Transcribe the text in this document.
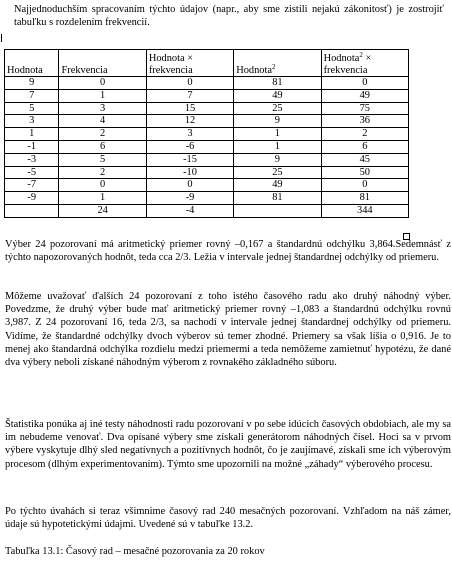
Najjednoduchším spracovaním týchto údajov (napr., aby sme zistili nejakú zákonitosť) je zostrojiť tabuľku s rozdelením frekvencií.
Hodnota	Frekvencia	Hodnota × frekvencia	Hodnota$^2$	Hodnota$^2$ × frekvencia
9	0	0	81	0
7	1	7	49	49
5	3	15	25	75
3	4	12	9	36
1	2	3	1	2
-1	6	-6	1	6
-3	5	-15	9	45
-5	2	-10	25	50
-7	0	0	49	0
-9	1	-9	81	81
	24	-4		344
Výber 24 pozorovaní má aritmetický priemer rovný –0,167 a štandardnú odchýlku 3,864.Sedemnásť z týchto napozorovaných hodnôt, teda cca 2/3. Ležia v intervale jednej štandardnej odchýlky od priemeru.
Môžeme uvažovať ďalších 24 pozorovaní z toho istého časového radu ako druhý náhodný výber. Povedzme, že druhý výber bude mať aritmetický priemer rovný –1,083 a štandardnú odchýlku rovnú 3,987. Z 24 pozorovaní 16, teda 2/3, sa nachodí v intervale jednej štandardnej odchýlky od priemeru. Vidíme, že štandardné odchýlky dvoch výberov sú temer zhodné. Priemery sa však líšia o 0,916. Je to menej ako štandardná odchýlka rozdielu medzi priemermi a teda nemôžeme zamietnuť hypotézu, že dané dva výbery neboli získané náhodným výberom z rovnakého základného súboru.
Štatistika ponúka aj iné testy náhodnosti radu pozorovaní v po sebe idúcich časových obdobiach, ale my sa im nebudeme venovať. Dva opísané výbery sme získali generátorom náhodných čísel. Hoci sa v prvom výbere vyskytuje dlhý sled negatívnych a pozitívnych hodnôt, čo je zaujímavé, získali sme ich výberovým procesom (dlhým experimentovaním). Týmto sme upozornili na možné „záhady“ výberového procesu.
Po týchto úvahách si teraz všimnime časový rad 240 mesačných pozorovaní. Vzhľadom na náš zámer, údaje sú hypotetickými údajmi. Uvedené sú v tabuľke 13.2.
Tabuľka 13.1: Časový rad – mesačné pozorovania za 20 rokov
